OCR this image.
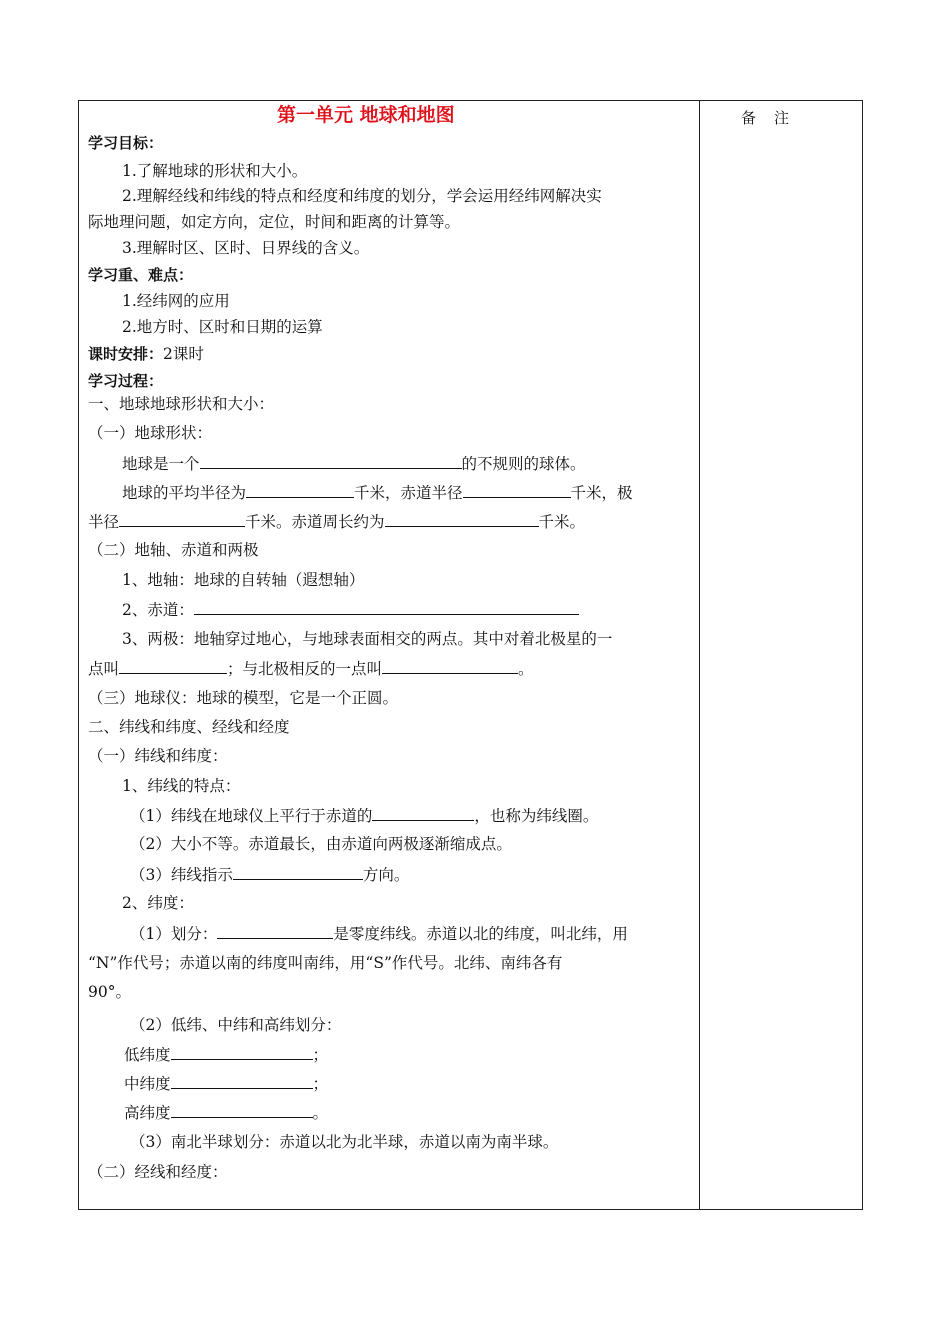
备注
第一单元 地球和地图
学习目标：
1.了解地球的形状和大小。
2.理解经线和纬线的特点和经度和纬度的划分，学会运用经纬网解决实
际地理问题，如定方向，定位，时间和距离的计算等。
3.理解时区、区时、日界线的含义。
学习重、难点：
1.经纬网的应用
2.地方时、区时和日期的运算
课时安排：2课时
学习过程：
一、地球地球形状和大小：
（一）地球形状：
地球是一个	的不规则的球体。
地球的平均半径为	千米，赤道半径	千米，极
半径	千米。赤道周长约为	千米。
（二）地轴、赤道和两极
1、地轴：地球的自转轴（遐想轴）
2、赤道：
3、两极：地轴穿过地心，与地球表面相交的两点。其中对着北极星的一
点叫	；与北极相反的一点叫	。
（三）地球仪：地球的模型，它是一个正圆。
二、纬线和纬度、经线和经度
（一）纬线和纬度：
1、纬线的特点：
（1）纬线在地球仪上平行于赤道的	，也称为纬线圈。
（2）大小不等。赤道最长，由赤道向两极逐渐缩成点。
（3）纬线指示	方向。
2、纬度：
（1）划分：	是零度纬线。赤道以北的纬度，叫北纬，用
“N”作代号；赤道以南的纬度叫南纬，用“S”作代号。北纬、南纬各有
90°。
（2）低纬、中纬和高纬划分：
低纬度	；
中纬度	；
高纬度	。
（3）南北半球划分：赤道以北为北半球，赤道以南为南半球。
（二）经线和经度：
